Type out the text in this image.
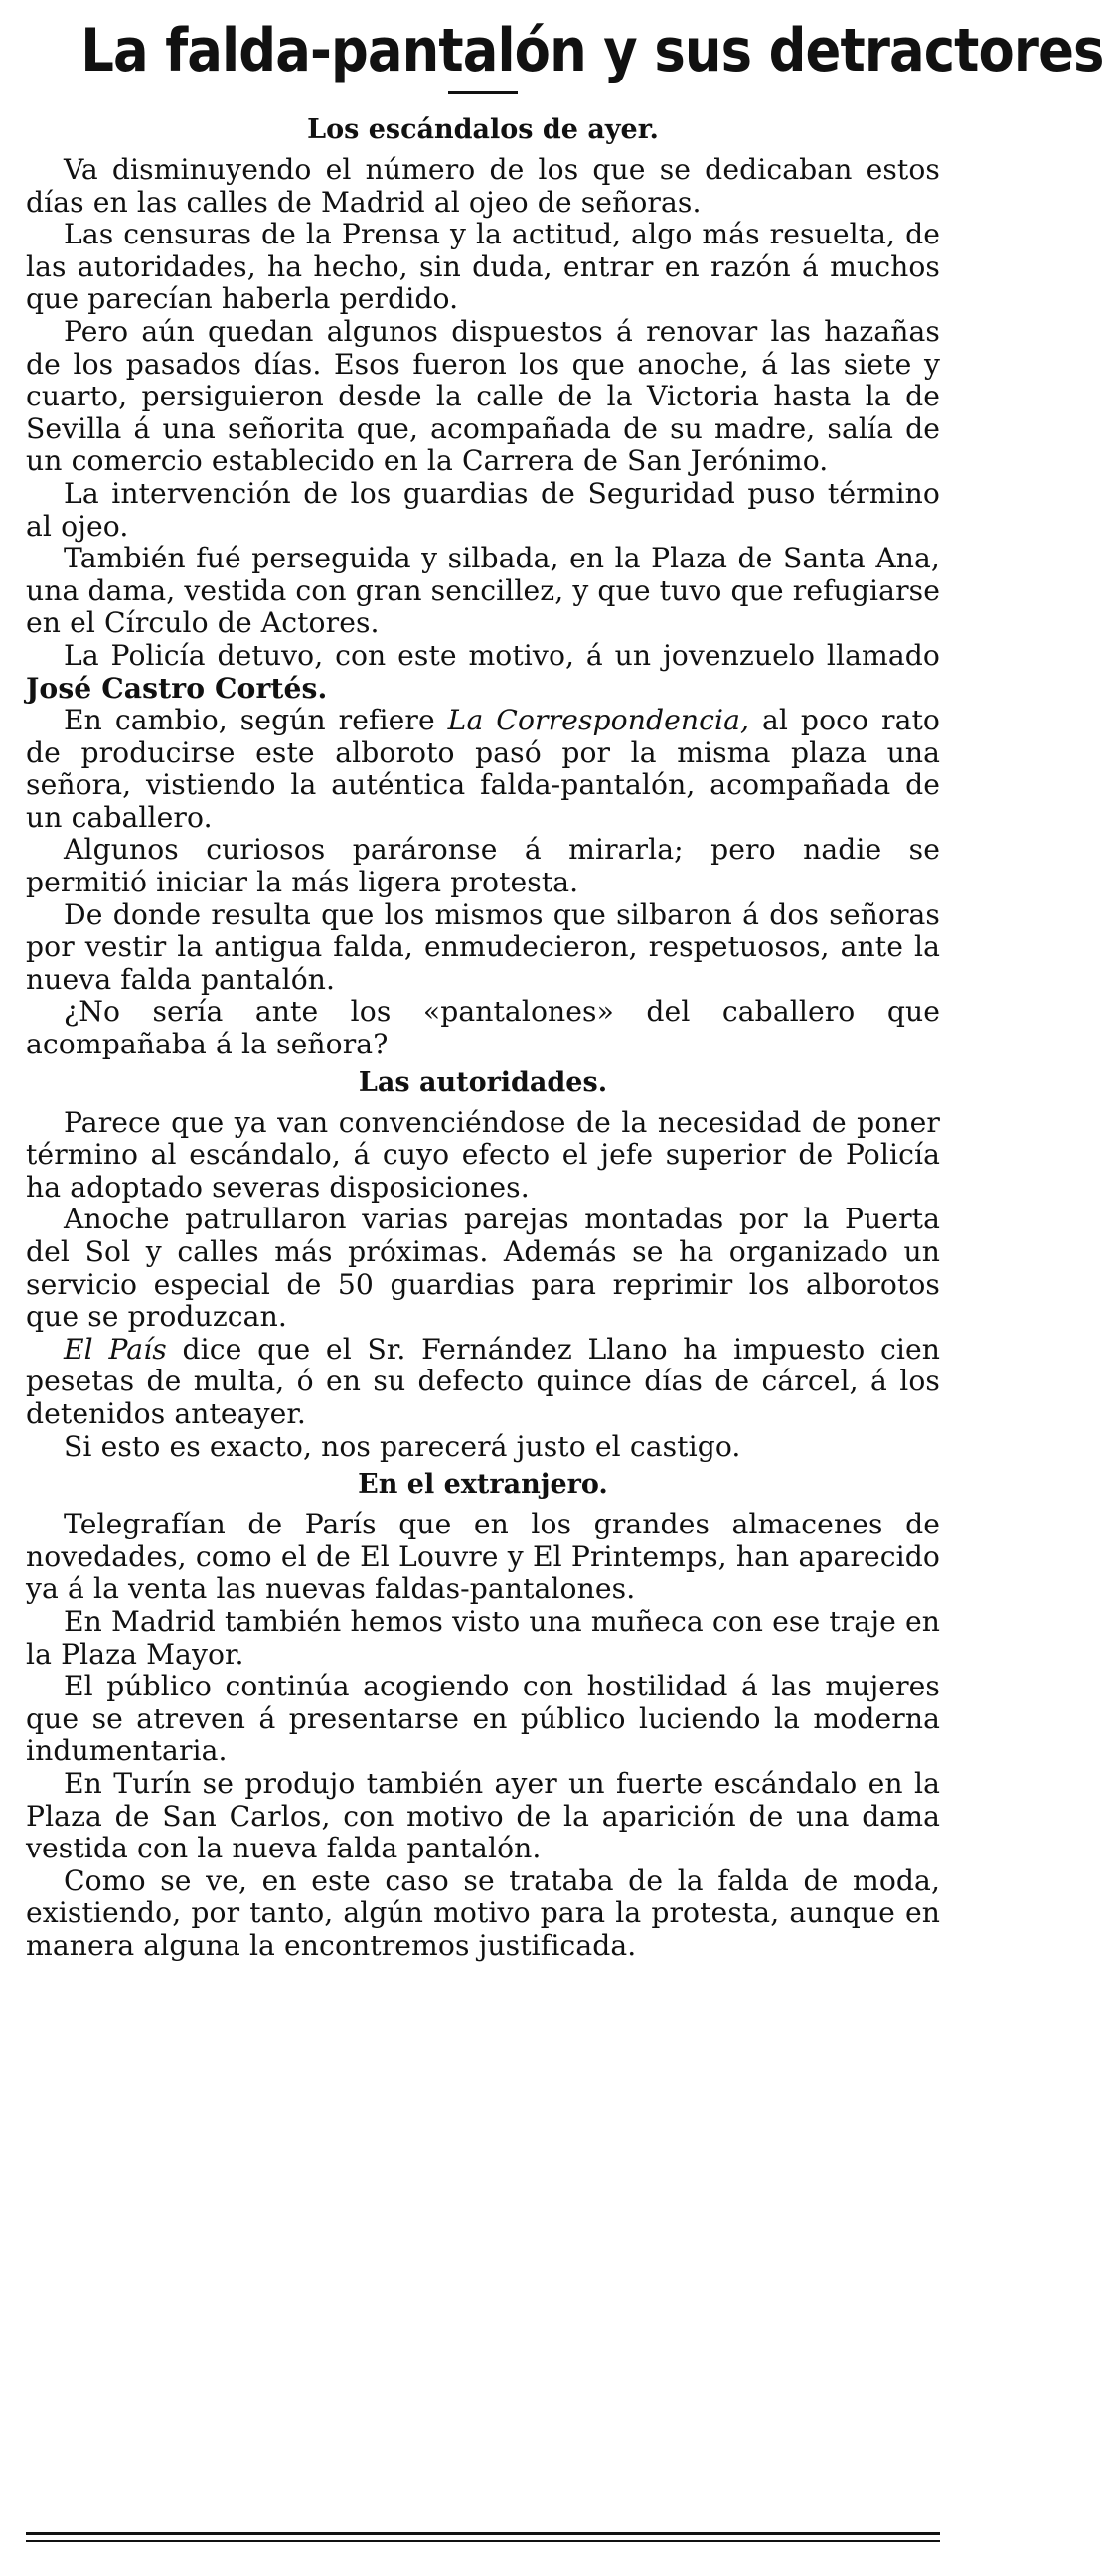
La falda-pantalón y sus detractores
Los escándalos de ayer.

Va disminuyendo el número de los que se dedicaban estos días en las calles de Madrid al ojeo de señoras.

Las censuras de la Prensa y la actitud, algo más resuelta, de las autoridades, ha hecho, sin duda, entrar en razón á muchos que parecían haberla perdido.

Pero aún quedan algunos dispuestos á renovar las hazañas de los pasados días. Esos fueron los que anoche, á las siete y cuarto, persiguieron desde la calle de la Victoria hasta la de Sevilla á una señorita que, acompañada de su madre, salía de un comercio establecido en la Carrera de San Jerónimo.

La intervención de los guardias de Seguridad puso término al ojeo.

También fué perseguida y silbada, en la Plaza de Santa Ana, una dama, vestida con gran sencillez, y que tuvo que refugiarse en el Círculo de Actores.

La Policía detuvo, con este motivo, á un jovenzuelo llamado José Castro Cortés.

En cambio, según refiere La Correspondencia, al poco rato de producirse este alboroto pasó por la misma plaza una señora, vistiendo la auténtica falda-pantalón, acompañada de un caballero.

Algunos curiosos paráronse á mirarla; pero nadie se permitió iniciar la más ligera protesta.

De donde resulta que los mismos que silbaron á dos señoras por vestir la antigua falda, enmudecieron, respetuosos, ante la nueva falda pantalón.

¿No sería ante los «pantalones» del caballero que acompañaba á la señora?

Las autoridades.

Parece que ya van convenciéndose de la necesidad de poner término al escándalo, á cuyo efecto el jefe superior de Policía ha adoptado severas disposiciones.

Anoche patrullaron varias parejas montadas por la Puerta del Sol y calles más próximas. Además se ha organizado un servicio especial de 50 guardias para reprimir los alborotos que se produzcan.

El País dice que el Sr. Fernández Llano ha impuesto cien pesetas de multa, ó en su defecto quince días de cárcel, á los detenidos anteayer.

Si esto es exacto, nos parecerá justo el castigo.

En el extranjero.

Telegrafían de París que en los grandes almacenes de novedades, como el de El Louvre y El Printemps, han aparecido ya á la venta las nuevas faldas-pantalones.

En Madrid también hemos visto una muñeca con ese traje en la Plaza Mayor.

El público continúa acogiendo con hostilidad á las mujeres que se atreven á presentarse en público luciendo la moderna indumentaria.

En Turín se produjo también ayer un fuerte escándalo en la Plaza de San Carlos, con motivo de la aparición de una dama vestida con la nueva falda pantalón.

Como se ve, en este caso se trataba de la falda de moda, existiendo, por tanto, algún motivo para la protesta, aunque en manera alguna la encontremos justificada.
